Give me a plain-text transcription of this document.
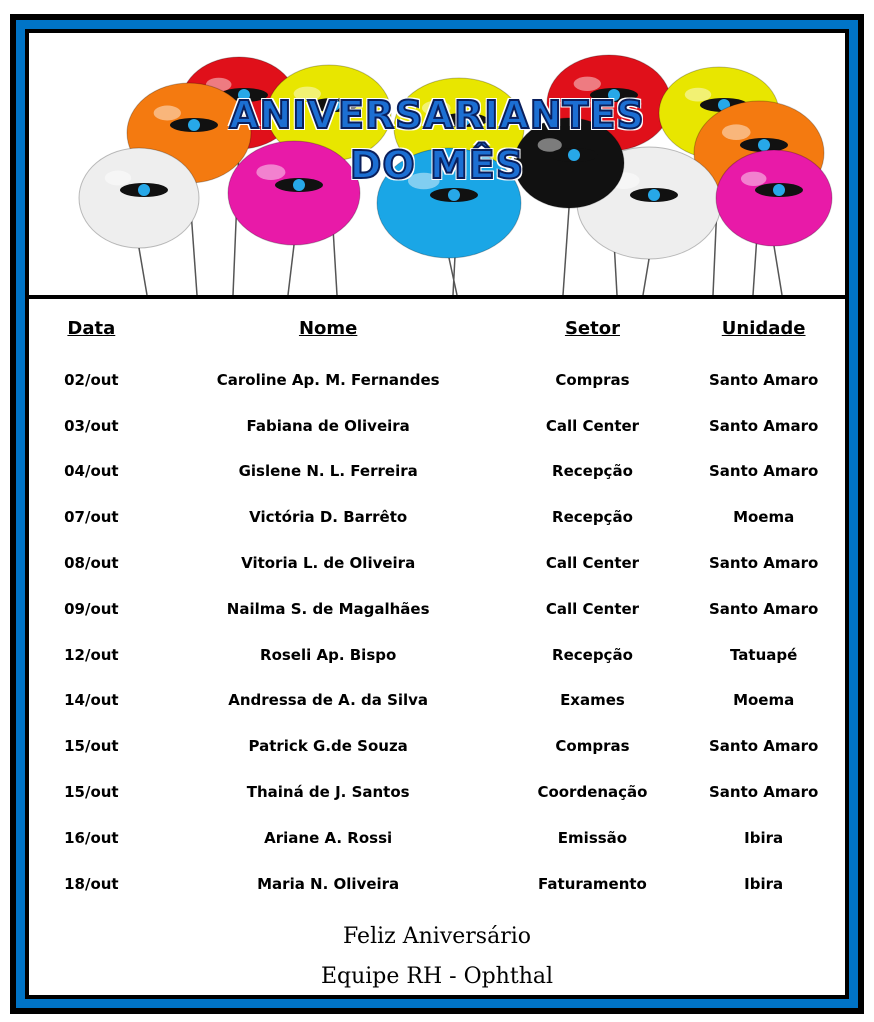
ANIVERSARIANTES
DO MÊS
Data	Nome	Setor	Unidade
02/out	Caroline Ap. M. Fernandes	Compras	Santo Amaro
03/out	Fabiana de Oliveira	Call Center	Santo Amaro
04/out	Gislene N. L. Ferreira	Recepção	Santo Amaro
07/out	Victória D. Barrêto	Recepção	Moema
08/out	Vitoria L. de Oliveira	Call Center	Santo Amaro
09/out	Nailma S. de Magalhães	Call Center	Santo Amaro
12/out	Roseli Ap. Bispo	Recepção	Tatuapé
14/out	Andressa de A. da Silva	Exames	Moema
15/out	Patrick G.de Souza	Compras	Santo Amaro
15/out	Thainá de J. Santos	Coordenação	Santo Amaro
16/out	Ariane A. Rossi	Emissão	Ibira
18/out	Maria N. Oliveira	Faturamento	Ibira
Feliz Aniversário
Equipe RH - Ophthal
